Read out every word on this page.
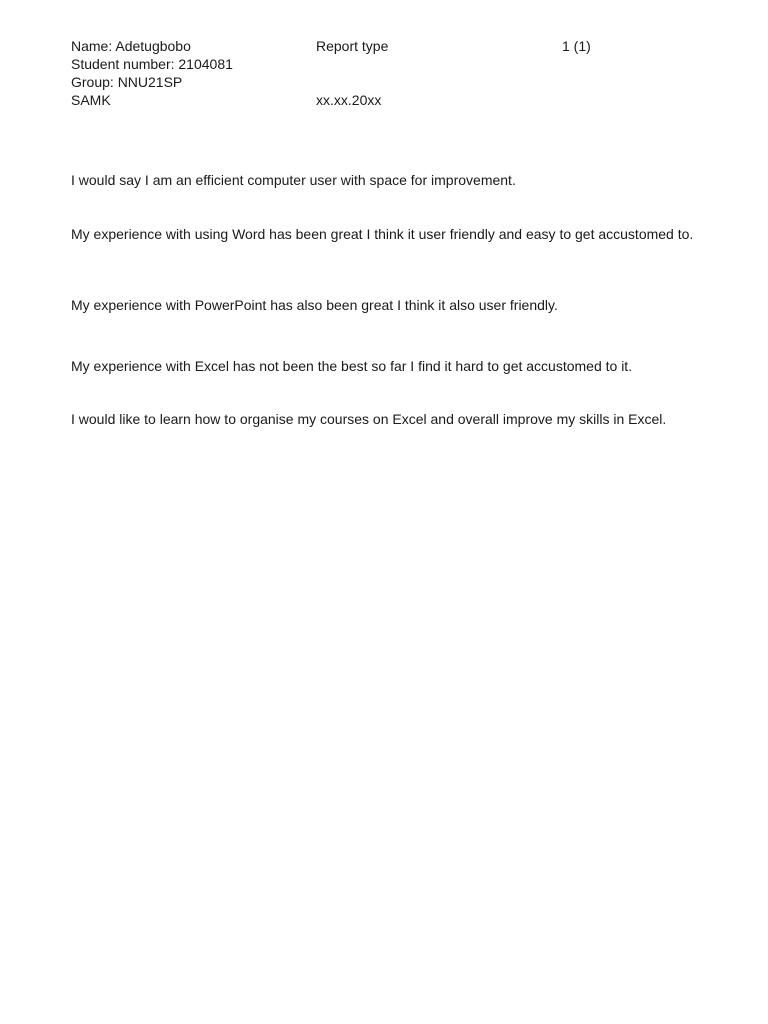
Name: Adetugbobo	Report type	1 (1)
Student number: 2104081
Group: NNU21SP
SAMK	xx.xx.20xx

I would say I am an efficient computer user with space for improvement.

My experience with using Word has been great I think it user friendly and easy to get accustomed to.

My experience with PowerPoint has also been great I think it also user friendly.

My experience with Excel has not been the best so far I find it hard to get accustomed to it.

I would like to learn how to organise my courses on Excel and overall improve my skills in Excel.
